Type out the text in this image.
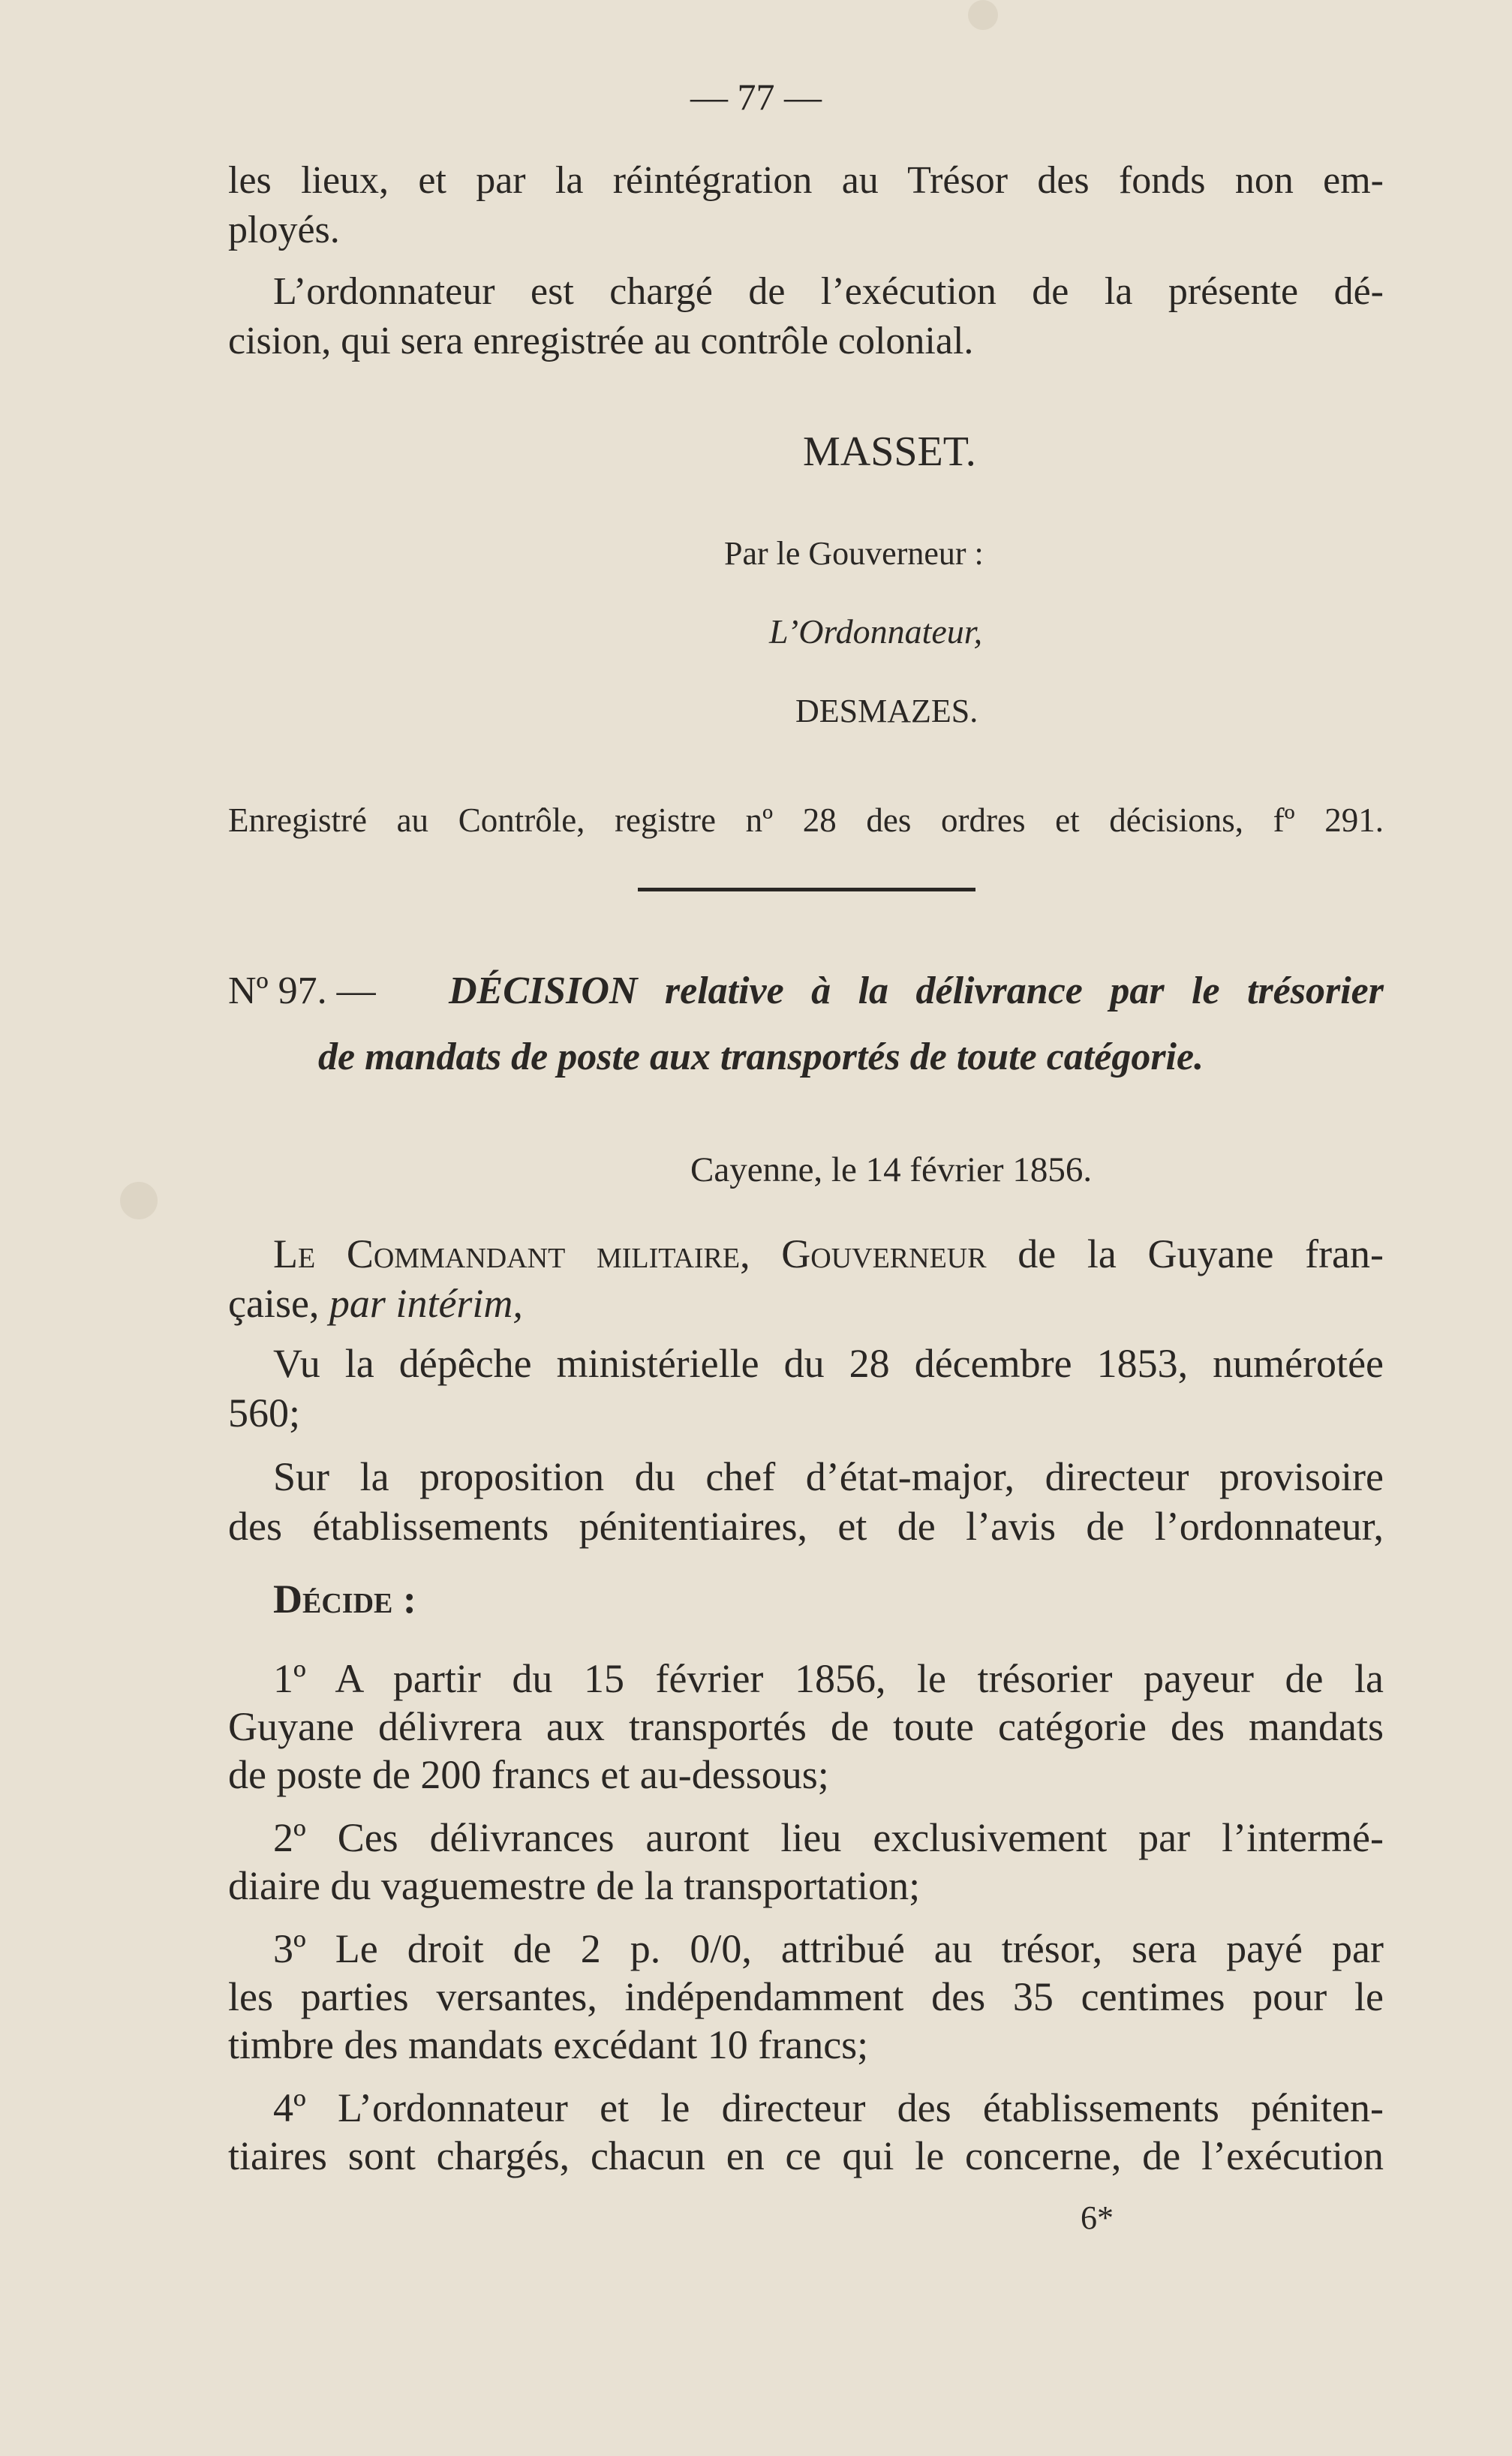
— 77 —
les lieux, et par la réintégration au Trésor des fonds non em-
ployés.
L’ordonnateur est chargé de l’exécution de la présente dé-
cision, qui sera enregistrée au contrôle colonial.
MASSET.
Par le Gouverneur :
L’Ordonnateur,
DESMAZES.
Enregistré au Contrôle, registre nº 28 des ordres et décisions, fº 291.
Nº 97. — DÉCISION relative à la délivrance par le trésorier
de mandats de poste aux transportés de toute catégorie.
Cayenne, le 14 février 1856.
Le Commandant militaire, Gouverneur de la Guyane fran-
çaise, par intérim,
Vu la dépêche ministérielle du 28 décembre 1853, numérotée
560;
Sur la proposition du chef d’état-major, directeur provisoire
des établissements pénitentiaires, et de l’avis de l’ordonnateur,
Décide :
1º A partir du 15 février 1856, le trésorier payeur de la
Guyane délivrera aux transportés de toute catégorie des mandats
de poste de 200 francs et au-dessous;
2º Ces délivrances auront lieu exclusivement par l’intermé-
diaire du vaguemestre de la transportation;
3º Le droit de 2 p. 0/0, attribué au trésor, sera payé par
les parties versantes, indépendamment des 35 centimes pour le
timbre des mandats excédant 10 francs;
4º L’ordonnateur et le directeur des établissements péniten-
tiaires sont chargés, chacun en ce qui le concerne, de l’exécution
6*
